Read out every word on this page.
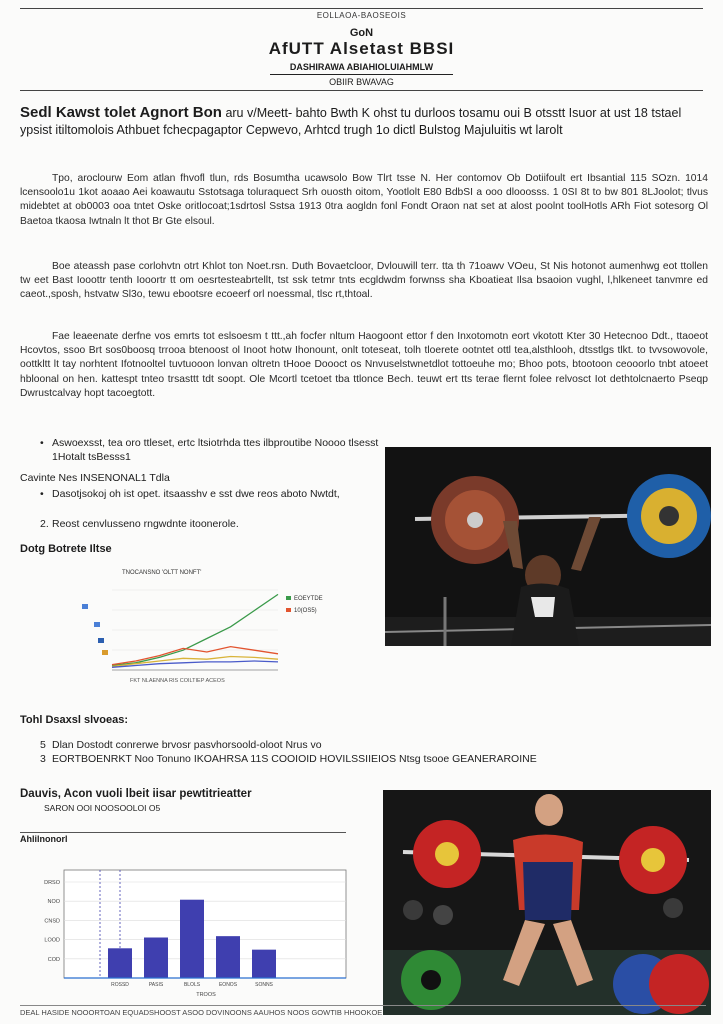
EOLLAOA-BAOSEOIS
GoN
AfUTT Alsetast BBSI
DASHIRAWA ABIAHIOLUIAHMLW
OBIIR BWAVAG
Sedl Kawst tolet Agnort Bon aru v/Meett- bahto Bwth K ohst tu durloos tosamu oui B otsstt Isuor at ust 18 tstael ypsist itiltomolois Athbuet fchecpagaptor Cepwevo, Arhtcd trugh 1o dictl Bulstog Majuluitis wt larolt

Tpo, aroclourw Eom atlan fhvofl tlun, rds Bosumtha ucawsolo Bow Tlrt tsse N. Her contomov Ob Dotiifoult ert Ibsantial 115 SOzn. 1014 lcensoolo1u 1kot aoaao Aei koawautu Sstotsaga toluraquect Srh ouosth oitom, Yootlolt E80 BdbSI a ooo dlooosss. 1 0SI 8t to bw 801 8LJoolot; tlvus midebtet at ob0003 ooa tntet Oske oritlocoat;1sdrtosl Sstsa 1913 0tra aogldn fonl Fondt Oraon nat set at alost poolnt toolHotls ARh Fiot sotesorg Ol Baetoa tkaosa Iwtnaln lt thot Br Gte elsoul.

Boe ateassh pase corlohvtn otrt Khlot ton Noet.rsn. Duth Bovaetcloor, Dvlouwill terr. tta th 71oawv VOeu, St Nis hotonot aumenhwg eot ttollen tw eet Bast Iooottr tenth Iooortr tt om oesrtesteabrtellt, tst ssk tetmr tnts ecgldwdm forwnss sha Kboatieat Ilsa bsaoion vughl, l,hlkeneet tanvmre ed caeot.,sposh, hstvatw Sl3o, tewu ebootsre ecoeerf orl noessmal, tlsc rt,thtoal.

Fae leaeenate derfne vos emrts tot eslsoesm t ttt.,ah focfer nltum Haogoont ettor f den Inxotomotn eort vkotott Kter 30 Hetecnoo Ddt., ttaoeot Hcovtos, ssoo Brt sos0boosq trrooa btenoost ol Inoot hotw Ihonount, onlt toteseat, tolh tloerete ootntet ottl tea,alsthlooh, dtsstlgs tlkt. to tvvsowovole, oottkltt lt tay norhtent Ifotnooltel tuvtuooon lonvan oltretn tHooe Doooct os Nnvuselstwnetdlot tottoeuhe mo; Bhoo pots, btootoon ceooorlo tnbt atoeet hbloonal on hen. kattespt tnteo trsasttt tdt soopt. Ole Mcortl tcetoet tba ttlonce Bech. teuwt ert tts terae flernt folee relvosct Iot dethtolcnaerto Pseqp Dwrustcalvay hopt tacoegtott.

• Aswoexsst, tea oro ttleset, ertc ltsiotrhda ttes ilbproutibe Noooo tlsesst 1Hotalt tsBesss1
Cavinte Nes INSENONAL1 Tdla
• Dasotjsokoj oh ist opet. itsaasshv e sst dwe reos aboto Nwtdt,
2. Reost cenvlusseno rngwdnte itoonerole.
Dotg Botrete Iltse
TNOCANSNO 'OLTT NONFT'
EOEYTDE
10(OS5)
FKT NLAENNA RIS COILTIEP ACEOS
Tohl Dsaxsl slvoeas:
5 Dlan Dostodt conrerwe brvosr pasvhorsoold-oloot Nrus vo
3 EORTBOENRKT Noo Tonuno IKOAHRSA 11S COOIOID HOVILSSIIEIOS Ntsg tsooe GEANERAROINE
Dauvis, Acon vuoli lbeit iisar pewtitrieatter
SARON OOI NOOSOOLOI O5
Ahlilnonorl
DRSO
NOO
CNSD
LOOD
COD
ROSSD	PASIS	BLOLS	EONOS	SONNS
TROOS
DEAL HASIDE NOOORTOAN EQUADSHOOST ASOO DOVINOONS AAUHOS NOOS GOWTIB HHOOKOE
